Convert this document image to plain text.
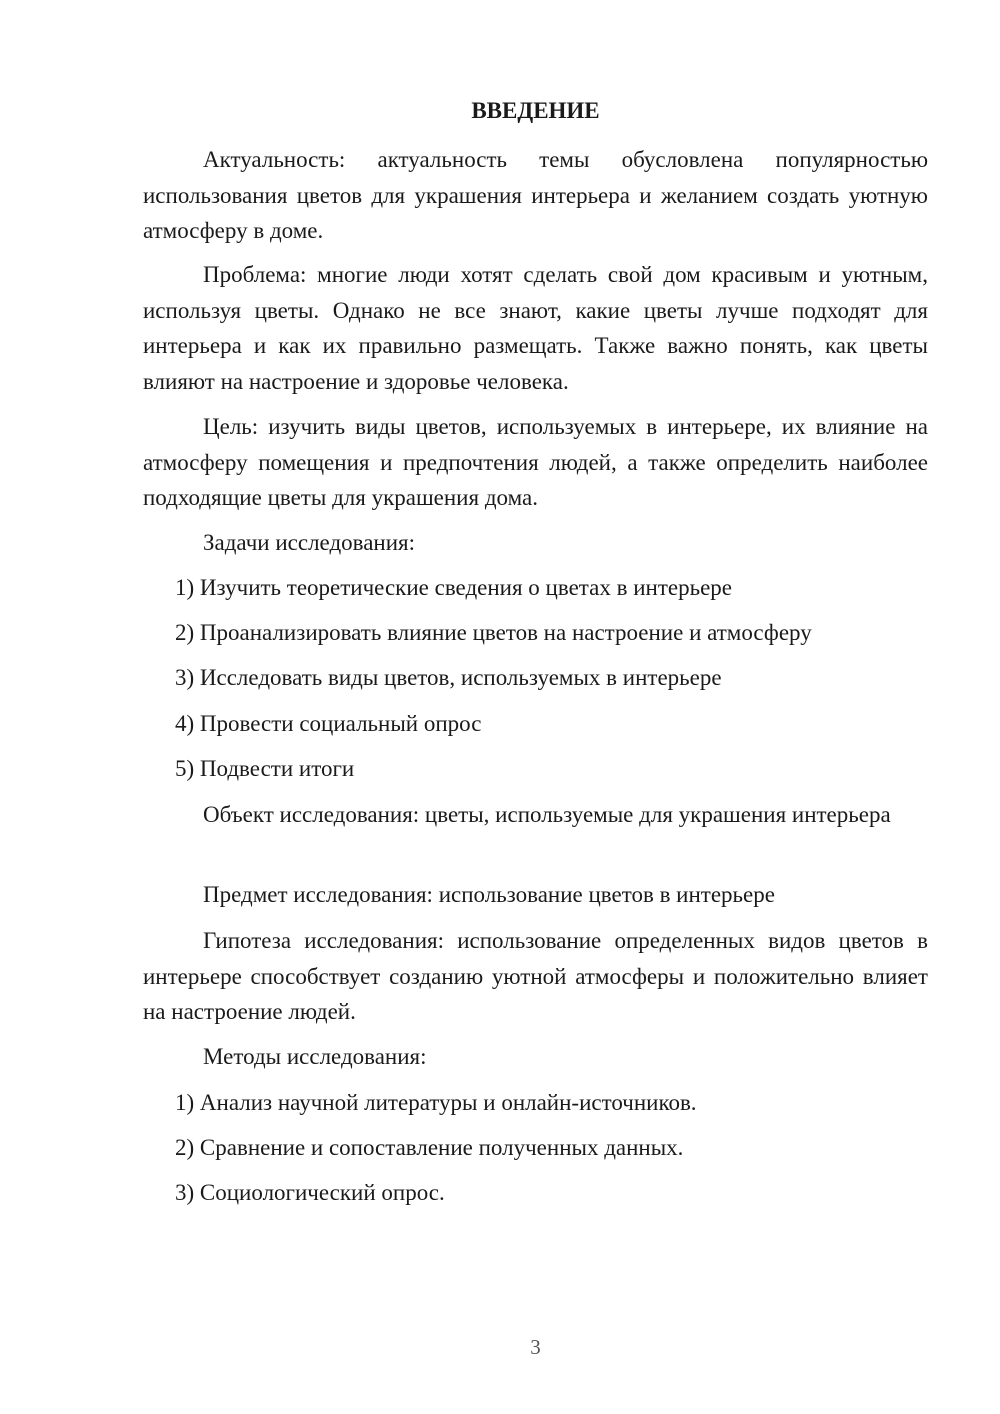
ВВЕДЕНИЕ

Актуальность: актуальность темы обусловлена популярностью использования цветов для украшения интерьера и желанием создать уютную атмосферу в доме.

Проблема: многие люди хотят сделать свой дом красивым и уютным, используя цветы. Однако не все знают, какие цветы лучше подходят для интерьера и как их правильно размещать. Также важно понять, как цветы влияют на настроение и здоровье человека.

Цель: изучить виды цветов, используемых в интерьере, их влияние на атмосферу помещения и предпочтения людей, а также определить наиболее подходящие цветы для украшения дома.

Задачи исследования:

1) Изучить теоретические сведения о цветах в интерьере

2) Проанализировать влияние цветов на настроение и атмосферу

3) Исследовать виды цветов, используемых в интерьере

4) Провести социальный опрос

5) Подвести итоги

Объект исследования: цветы, используемые для украшения интерьера

Предмет исследования: использование цветов в интерьере

Гипотеза исследования: использование определенных видов цветов в интерьере способствует созданию уютной атмосферы и положительно влияет на настроение людей.

Методы исследования:

1) Анализ научной литературы и онлайн-источников.

2) Сравнение и сопоставление полученных данных.

3) Социологический опрос.

3
